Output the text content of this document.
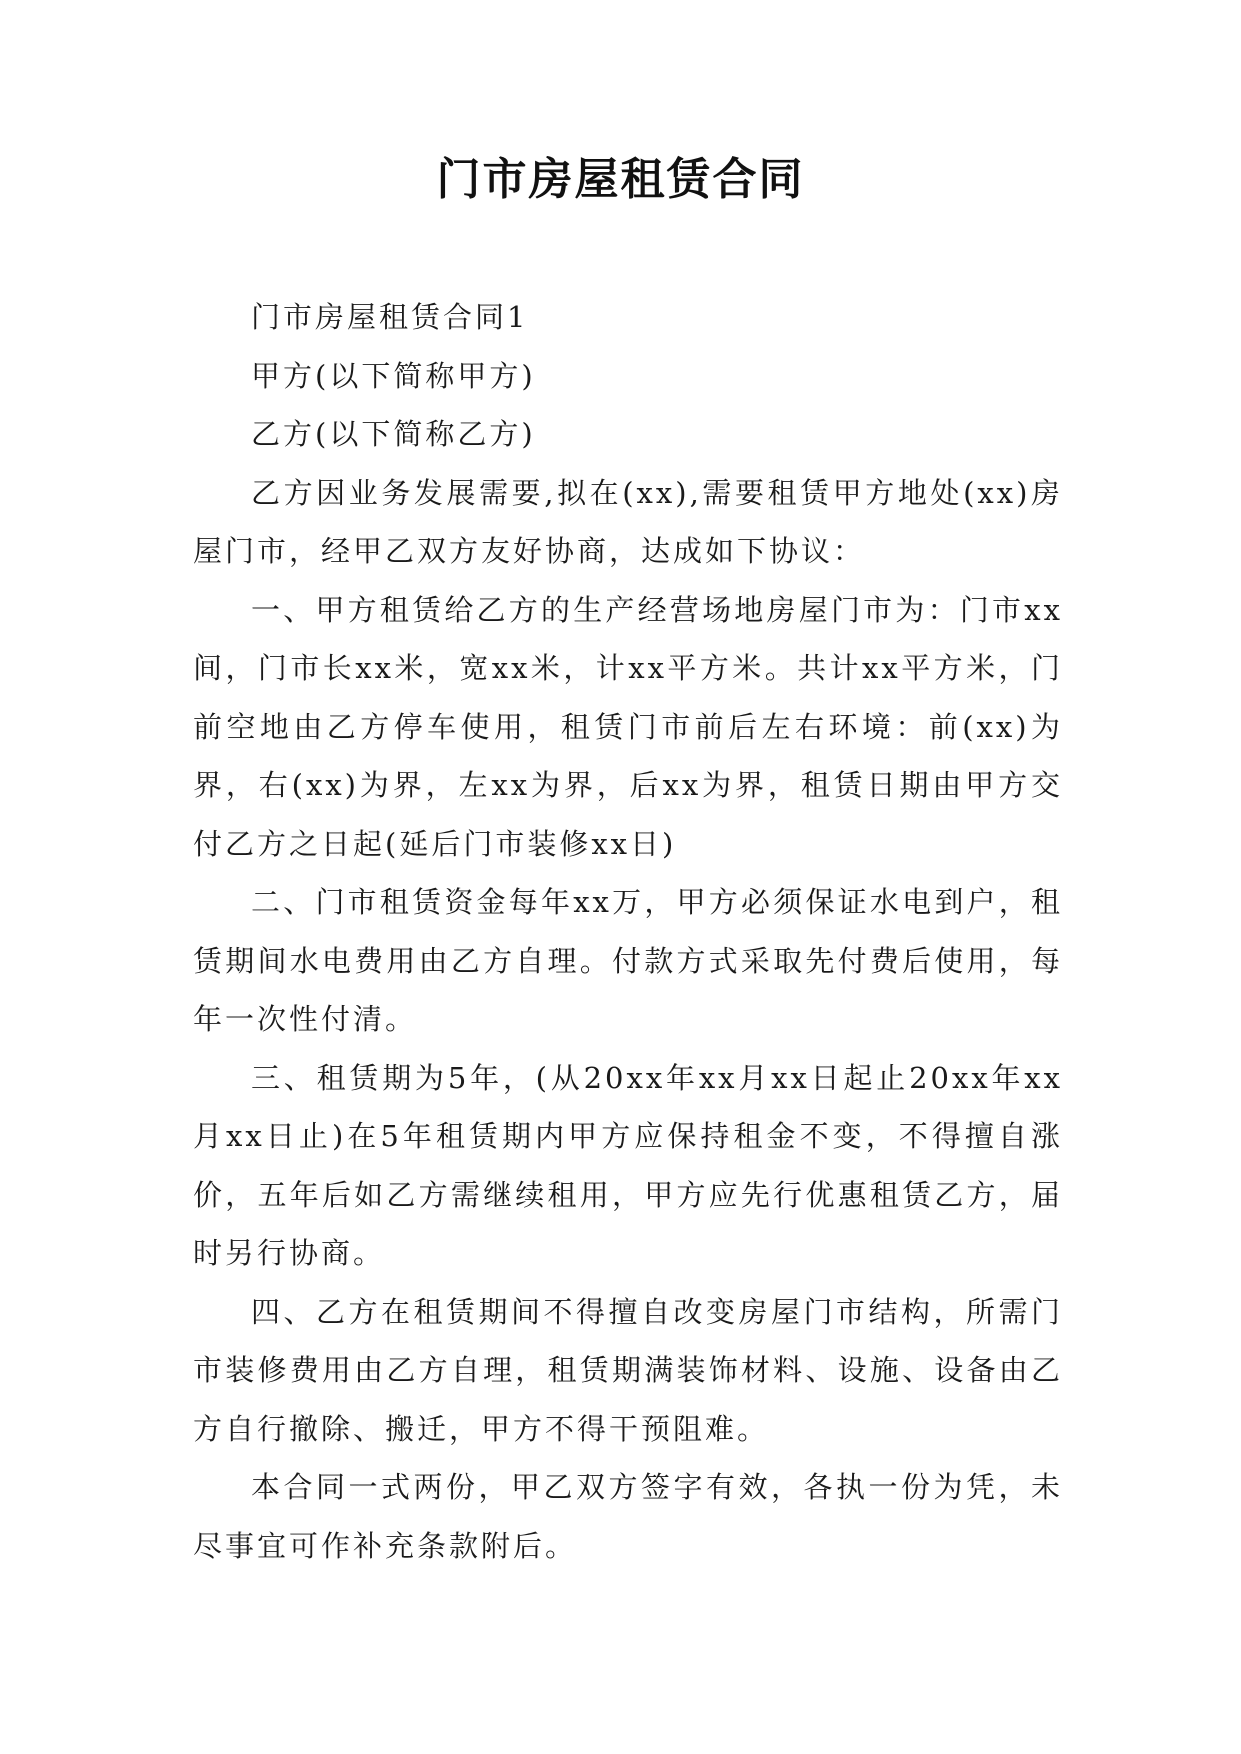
门市房屋租赁合同

门市房屋租赁合同1

甲方(以下简称甲方)

乙方(以下简称乙方)

乙方因业务发展需要,拟在(xx),需要租赁甲方地处(xx)房屋门市，经甲乙双方友好协商，达成如下协议：

一、甲方租赁给乙方的生产经营场地房屋门市为：门市xx间，门市长xx米，宽xx米，计xx平方米。共计xx平方米，门前空地由乙方停车使用，租赁门市前后左右环境：前(xx)为界，右(xx)为界，左xx为界，后xx为界，租赁日期由甲方交付乙方之日起(延后门市装修xx日)

二、门市租赁资金每年xx万，甲方必须保证水电到户，租赁期间水电费用由乙方自理。付款方式采取先付费后使用，每年一次性付清。

三、租赁期为5年，(从20xx年xx月xx日起止20xx年xx月xx日止)在5年租赁期内甲方应保持租金不变，不得擅自涨价，五年后如乙方需继续租用，甲方应先行优惠租赁乙方，届时另行协商。

四、乙方在租赁期间不得擅自改变房屋门市结构，所需门市装修费用由乙方自理，租赁期满装饰材料、设施、设备由乙方自行撤除、搬迁，甲方不得干预阻难。

本合同一式两份，甲乙双方签字有效，各执一份为凭，未尽事宜可作补充条款附后。
